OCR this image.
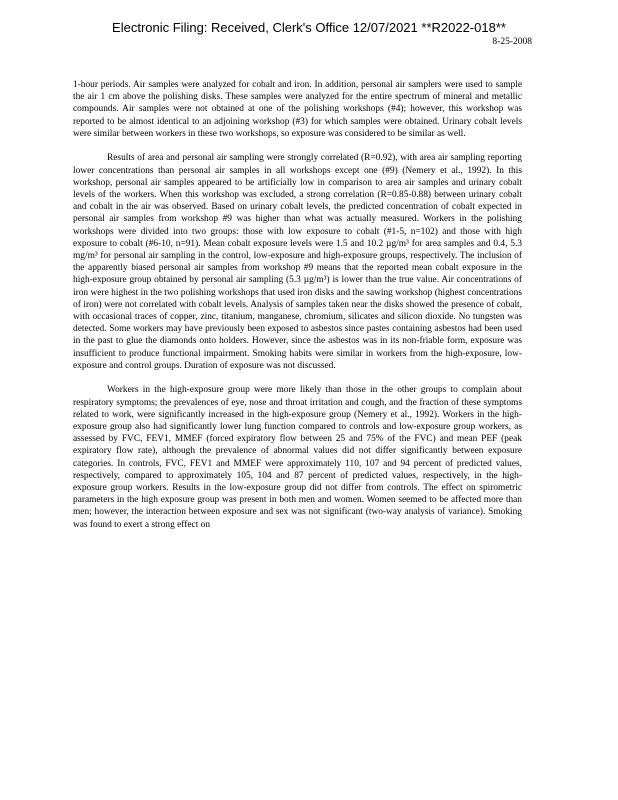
Electronic Filing: Received, Clerk's Office 12/07/2021 **R2022-018**
8-25-2008

1-hour periods. Air samples were analyzed for cobalt and iron. In addition, personal air samplers were used to sample the air 1 cm above the polishing disks. These samples were analyzed for the entire spectrum of mineral and metallic compounds. Air samples were not obtained at one of the polishing workshops (#4); however, this workshop was reported to be almost identical to an adjoining workshop (#3) for which samples were obtained. Urinary cobalt levels were similar between workers in these two workshops, so exposure was considered to be similar as well.

Results of area and personal air sampling were strongly correlated (R=0.92), with area air sampling reporting lower concentrations than personal air samples in all workshops except one (#9) (Nemery et al., 1992). In this workshop, personal air samples appeared to be artificially low in comparison to area air samples and urinary cobalt levels of the workers. When this workshop was excluded, a strong correlation (R=0.85-0.88) between urinary cobalt and cobalt in the air was observed. Based on urinary cobalt levels, the predicted concentration of cobalt expected in personal air samples from workshop #9 was higher than what was actually measured. Workers in the polishing workshops were divided into two groups: those with low exposure to cobalt (#1-5, n=102) and those with high exposure to cobalt (#6-10, n=91). Mean cobalt exposure levels were 1.5 and 10.2 µg/m³ for area samples and 0.4, 5.3 mg/m³ for personal air sampling in the control, low-exposure and high-exposure groups, respectively. The inclusion of the apparently biased personal air samples from workshop #9 means that the reported mean cobalt exposure in the high-exposure group obtained by personal air sampling (5.3 µg/m³) is lower than the true value. Air concentrations of iron were highest in the two polishing workshops that used iron disks and the sawing workshop (highest concentrations of iron) were not correlated with cobalt levels. Analysis of samples taken near the disks showed the presence of cobalt, with occasional traces of copper, zinc, titanium, manganese, chromium, silicates and silicon dioxide. No tungsten was detected. Some workers may have previously been exposed to asbestos since pastes containing asbestos had been used in the past to glue the diamonds onto holders. However, since the asbestos was in its non-friable form, exposure was insufficient to produce functional impairment. Smoking habits were similar in workers from the high-exposure, low-exposure and control groups. Duration of exposure was not discussed.

Workers in the high-exposure group were more likely than those in the other groups to complain about respiratory symptoms; the prevalences of eye, nose and throat irritation and cough, and the fraction of these symptoms related to work, were significantly increased in the high-exposure group (Nemery et al., 1992). Workers in the high-exposure group also had significantly lower lung function compared to controls and low-exposure group workers, as assessed by FVC, FEV1, MMEF (forced expiratory flow between 25 and 75% of the FVC) and mean PEF (peak expiratory flow rate), although the prevalence of abnormal values did not differ significantly between exposure categories. In controls, FVC, FEV1 and MMEF were approximately 110, 107 and 94 percent of predicted values, respectively, compared to approximately 105, 104 and 87 percent of predicted values, respectively, in the high-exposure group workers. Results in the low-exposure group did not differ from controls. The effect on spirometric parameters in the high exposure group was present in both men and women. Women seemed to be affected more than men; however, the interaction between exposure and sex was not significant (two-way analysis of variance). Smoking was found to exert a strong effect on
